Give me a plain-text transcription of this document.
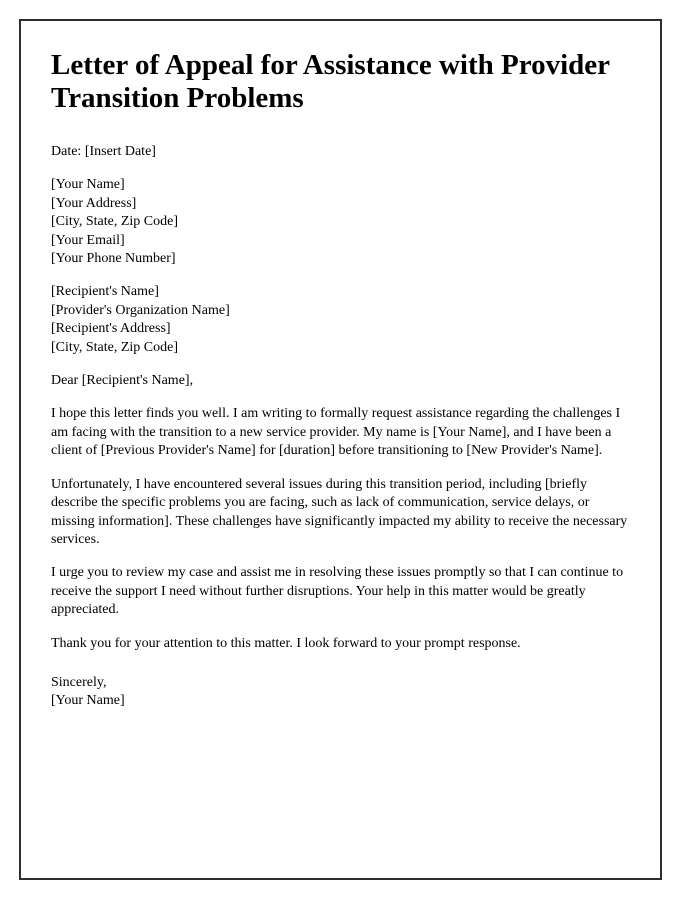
Letter of Appeal for Assistance with Provider Transition Problems

Date: [Insert Date]

[Your Name]
[Your Address]
[City, State, Zip Code]
[Your Email]
[Your Phone Number]
[Recipient's Name]
[Provider's Organization Name]
[Recipient's Address]
[City, State, Zip Code]

Dear [Recipient's Name],

I hope this letter finds you well. I am writing to formally request assistance regarding the challenges I am facing with the transition to a new service provider. My name is [Your Name], and I have been a client of [Previous Provider's Name] for [duration] before transitioning to [New Provider's Name].

Unfortunately, I have encountered several issues during this transition period, including [briefly describe the specific problems you are facing, such as lack of communication, service delays, or missing information]. These challenges have significantly impacted my ability to receive the necessary services.

I urge you to review my case and assist me in resolving these issues promptly so that I can continue to receive the support I need without further disruptions. Your help in this matter would be greatly appreciated.

Thank you for your attention to this matter. I look forward to your prompt response.

Sincerely,
[Your Name]
